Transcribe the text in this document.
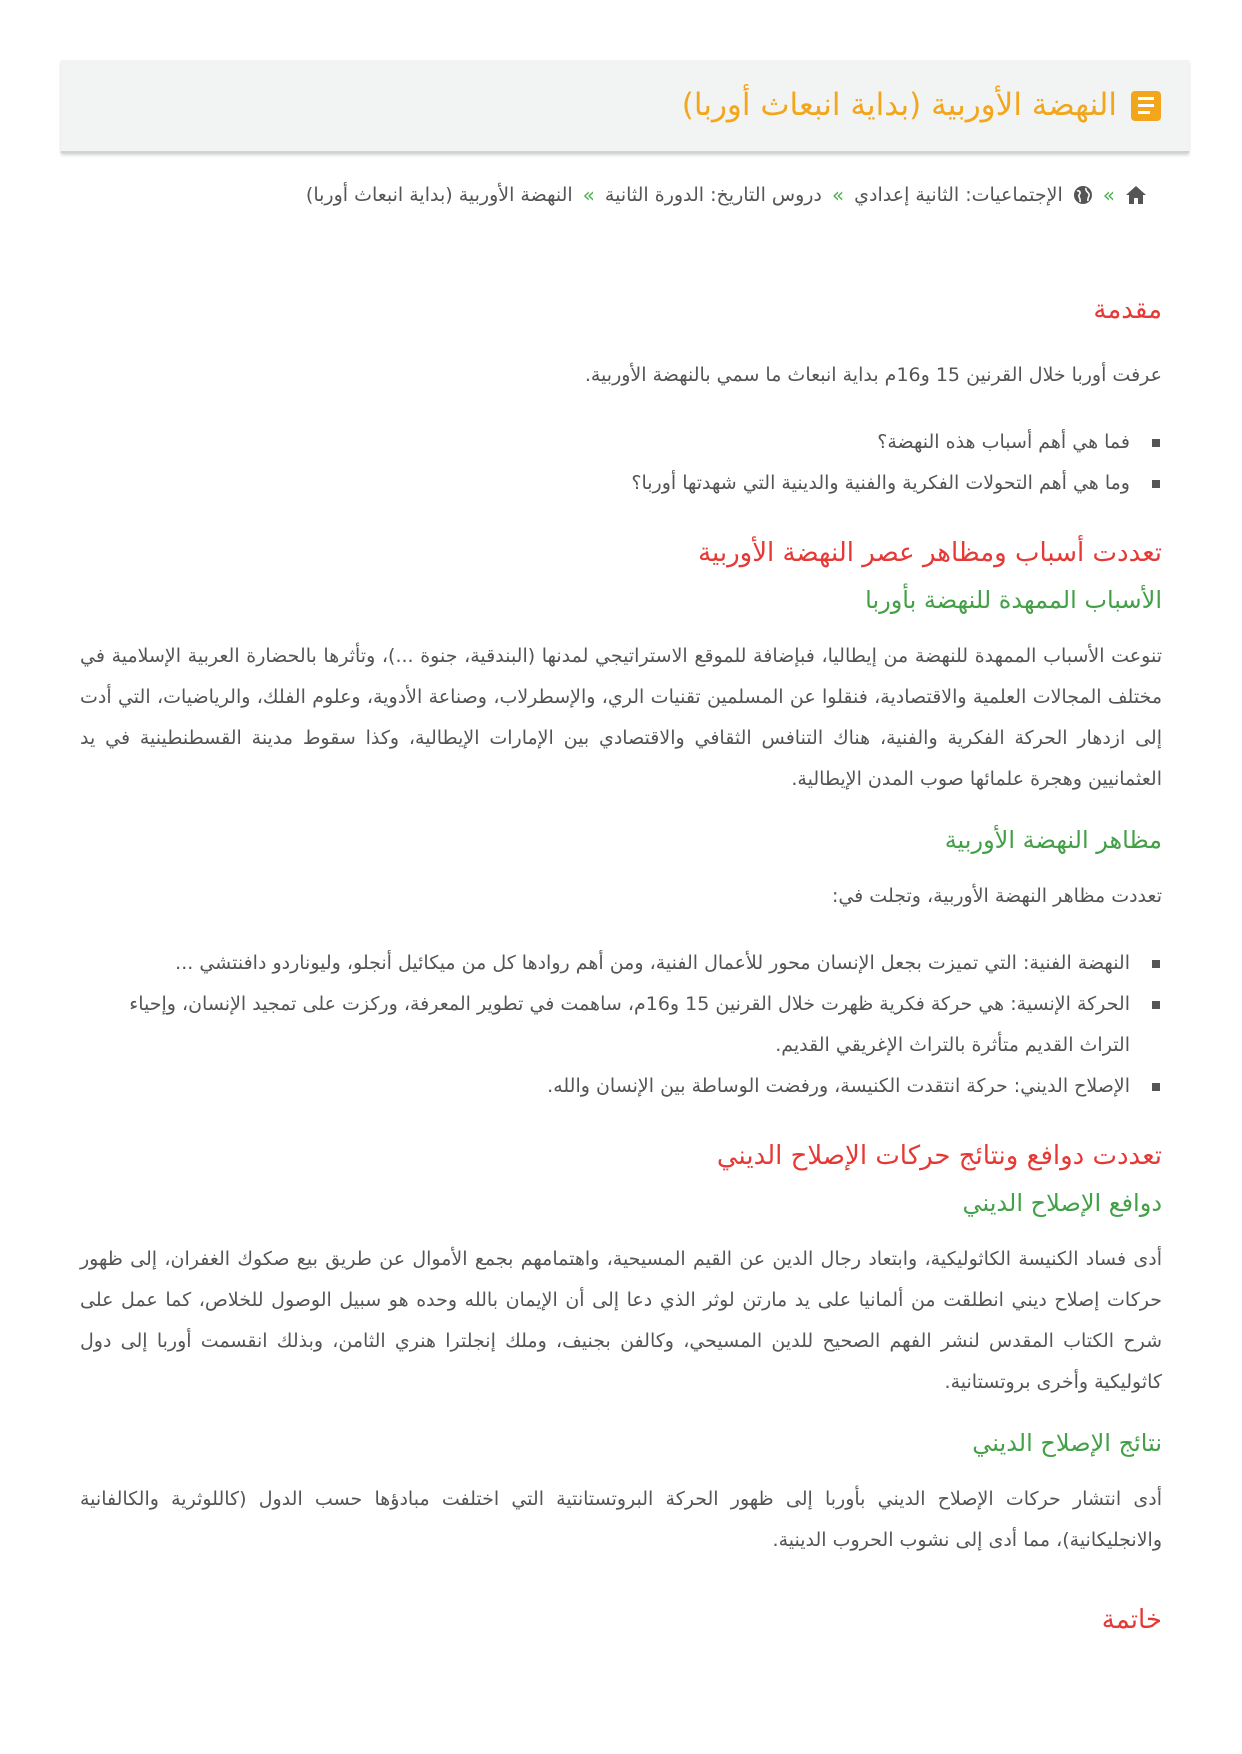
النهضة الأوربية (بداية انبعاث أوربا)
»
الإجتماعيات: الثانية إعدادي
»
دروس التاريخ: الدورة الثانية
»
النهضة الأوربية (بداية انبعاث أوربا)
مقدمة

عرفت أوربا خلال القرنين 15 و16م بداية انبعاث ما سمي بالنهضة الأوربية.

فما هي أهم أسباب هذه النهضة؟
وما هي أهم التحولات الفكرية والفنية والدينية التي شهدتها أوربا؟
تعددت أسباب ومظاهر عصر النهضة الأوربية
الأسباب الممهدة للنهضة بأوربا

تنوعت الأسباب الممهدة للنهضة من إيطاليا، فبإضافة للموقع الاستراتيجي لمدنها (البندقية، جنوة ...)، وتأثرها بالحضارة العربية الإسلامية في مختلف المجالات العلمية والاقتصادية، فنقلوا عن المسلمين تقنيات الري، والإسطرلاب، وصناعة الأدوية، وعلوم الفلك، والرياضيات، التي أدت إلى ازدهار الحركة الفكرية والفنية، هناك التنافس الثقافي والاقتصادي بين الإمارات الإيطالية، وكذا سقوط مدينة القسطنطينية في يد العثمانيين وهجرة علمائها صوب المدن الإيطالية.

مظاهر النهضة الأوربية

تعددت مظاهر النهضة الأوربية، وتجلت في:

النهضة الفنية: التي تميزت بجعل الإنسان محور للأعمال الفنية، ومن أهم روادها كل من ميكائيل أنجلو، وليوناردو دافنتشي ...
الحركة الإنسية: هي حركة فكرية ظهرت خلال القرنين 15 و16م، ساهمت في تطوير المعرفة، وركزت على تمجيد الإنسان، وإحياء التراث القديم متأثرة بالتراث الإغريقي القديم.
الإصلاح الديني: حركة انتقدت الكنيسة، ورفضت الوساطة بين الإنسان والله.
تعددت دوافع ونتائج حركات الإصلاح الديني
دوافع الإصلاح الديني

أدى فساد الكنيسة الكاثوليكية، وابتعاد رجال الدين عن القيم المسيحية، واهتمامهم بجمع الأموال عن طريق بيع صكوك الغفران، إلى ظهور حركات إصلاح ديني انطلقت من ألمانيا على يد مارتن لوثر الذي دعا إلى أن الإيمان بالله وحده هو سبيل الوصول للخلاص، كما عمل على شرح الكتاب المقدس لنشر الفهم الصحيح للدين المسيحي، وكالفن بجنيف، وملك إنجلترا هنري الثامن، وبذلك انقسمت أوربا إلى دول كاثوليكية وأخرى بروتستانية.

نتائج الإصلاح الديني

أدى انتشار حركات الإصلاح الديني بأوربا إلى ظهور الحركة البروتستانتية التي اختلفت مبادؤها حسب الدول (كاللوثرية والكالفانية والانجليكانية)، مما أدى إلى نشوب الحروب الدينية.

خاتمة
